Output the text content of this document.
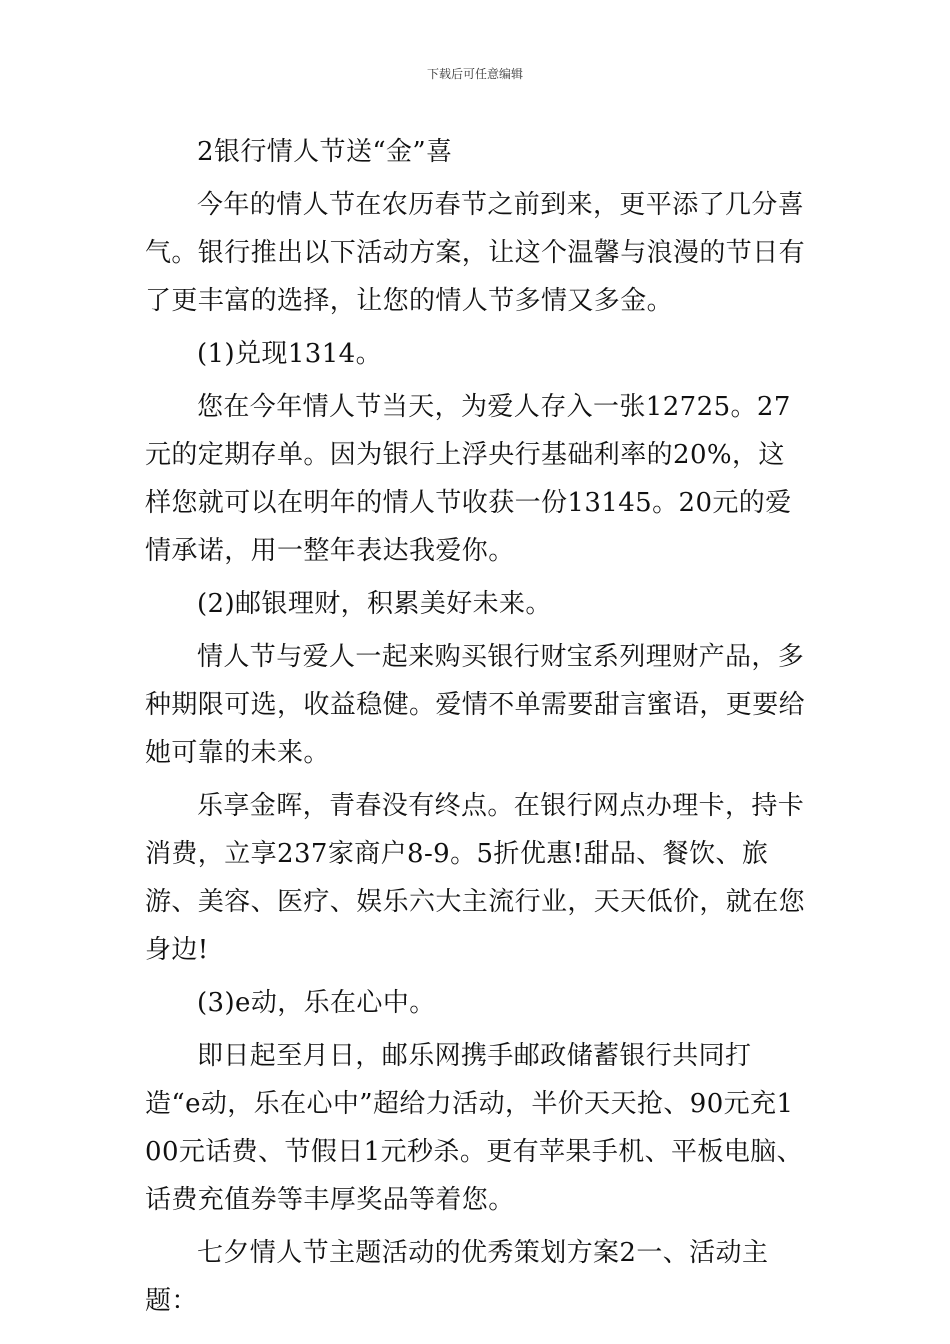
下载后可任意编辑

2银行情人节送“金”喜

今年的情人节在农历春节之前到来，更平添了几分喜气。银行推出以下活动方案，让这个温馨与浪漫的节日有了更丰富的选择，让您的情人节多情又多金。

(1)兑现1314。

您在今年情人节当天，为爱人存入一张12725。27元的定期存单。因为银行上浮央行基础利率的20%，这样您就可以在明年的情人节收获一份13145。20元的爱情承诺，用一整年表达我爱你。

(2)邮银理财，积累美好未来。

情人节与爱人一起来购买银行财宝系列理财产品，多种期限可选，收益稳健。爱情不单需要甜言蜜语，更要给她可靠的未来。

乐享金晖，青春没有终点。在银行网点办理卡，持卡消费，立享237家商户8-9。5折优惠!甜品、餐饮、旅游、美容、医疗、娱乐六大主流行业，天天低价，就在您身边!

(3)e动，乐在心中。

即日起至月日，邮乐网携手邮政储蓄银行共同打造“e动，乐在心中”超给力活动，半价天天抢、90元充100元话费、节假日1元秒杀。更有苹果手机、平板电脑、话费充值券等丰厚奖品等着您。

七夕情人节主题活动的优秀策划方案2一、活动主题：
